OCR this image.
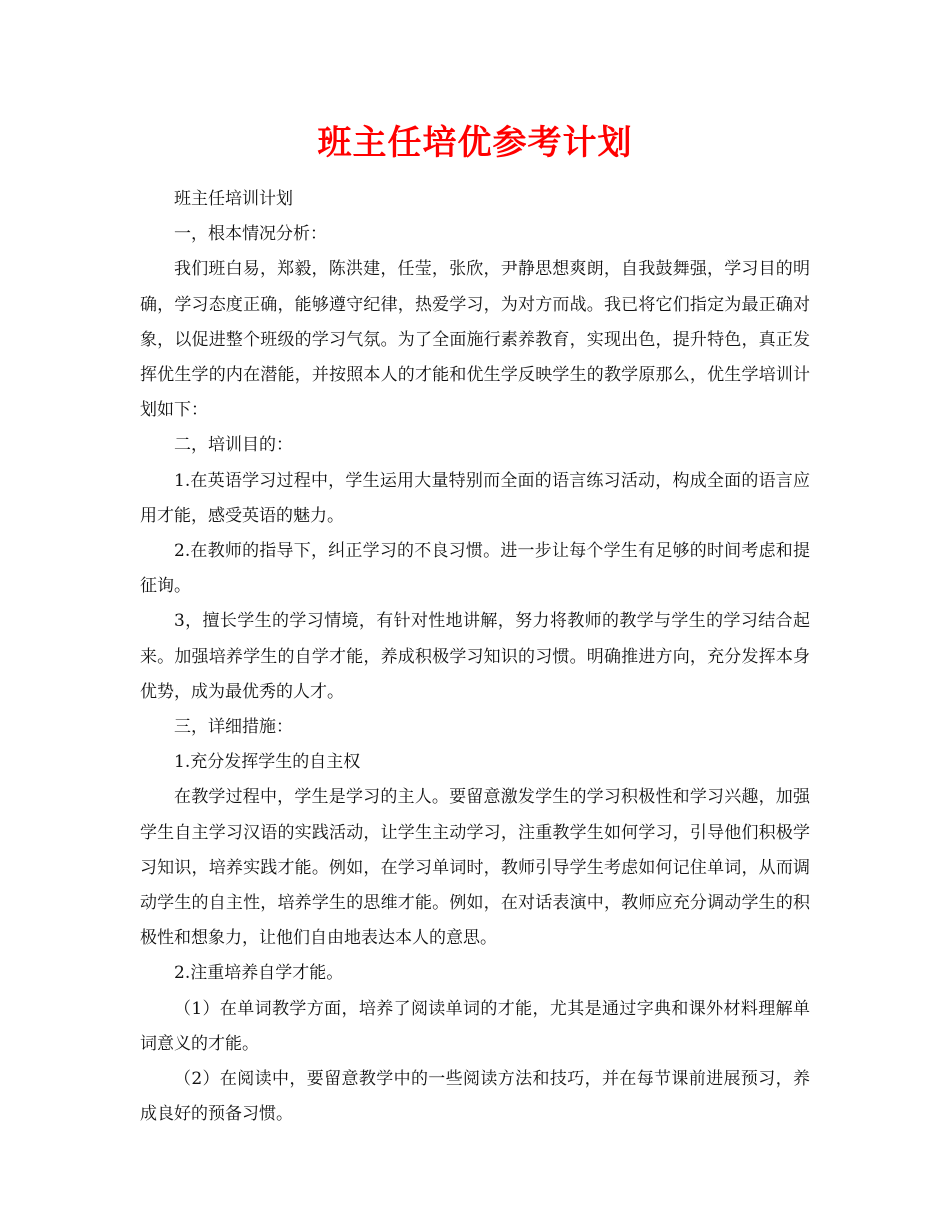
班主任培优参考计划

班主任培训计划

一，根本情况分析：

我们班白易，郑毅，陈洪建，任莹，张欣，尹静思想爽朗，自我鼓舞强，学习目的明确，学习态度正确，能够遵守纪律，热爱学习，为对方而战。我已将它们指定为最正确对象，以促进整个班级的学习气氛。为了全面施行素养教育，实现出色，提升特色，真正发挥优生学的内在潜能，并按照本人的才能和优生学反映学生的教学原那么，优生学培训计划如下：

二，培训目的：

1.在英语学习过程中，学生运用大量特别而全面的语言练习活动，构成全面的语言应用才能，感受英语的魅力。

2.在教师的指导下，纠正学习的不良习惯。进一步让每个学生有足够的时间考虑和提征询。

3，擅长学生的学习情境，有针对性地讲解，努力将教师的教学与学生的学习结合起来。加强培养学生的自学才能，养成积极学习知识的习惯。明确推进方向，充分发挥本身优势，成为最优秀的人才。

三，详细措施：

1.充分发挥学生的自主权

在教学过程中，学生是学习的主人。要留意激发学生的学习积极性和学习兴趣，加强学生自主学习汉语的实践活动，让学生主动学习，注重教学生如何学习，引导他们积极学习知识，培养实践才能。例如，在学习单词时，教师引导学生考虑如何记住单词，从而调动学生的自主性，培养学生的思维才能。例如，在对话表演中，教师应充分调动学生的积极性和想象力，让他们自由地表达本人的意思。

2.注重培养自学才能。

（1）在单词教学方面，培养了阅读单词的才能，尤其是通过字典和课外材料理解单词意义的才能。

（2）在阅读中，要留意教学中的一些阅读方法和技巧，并在每节课前进展预习，养成良好的预备习惯。
